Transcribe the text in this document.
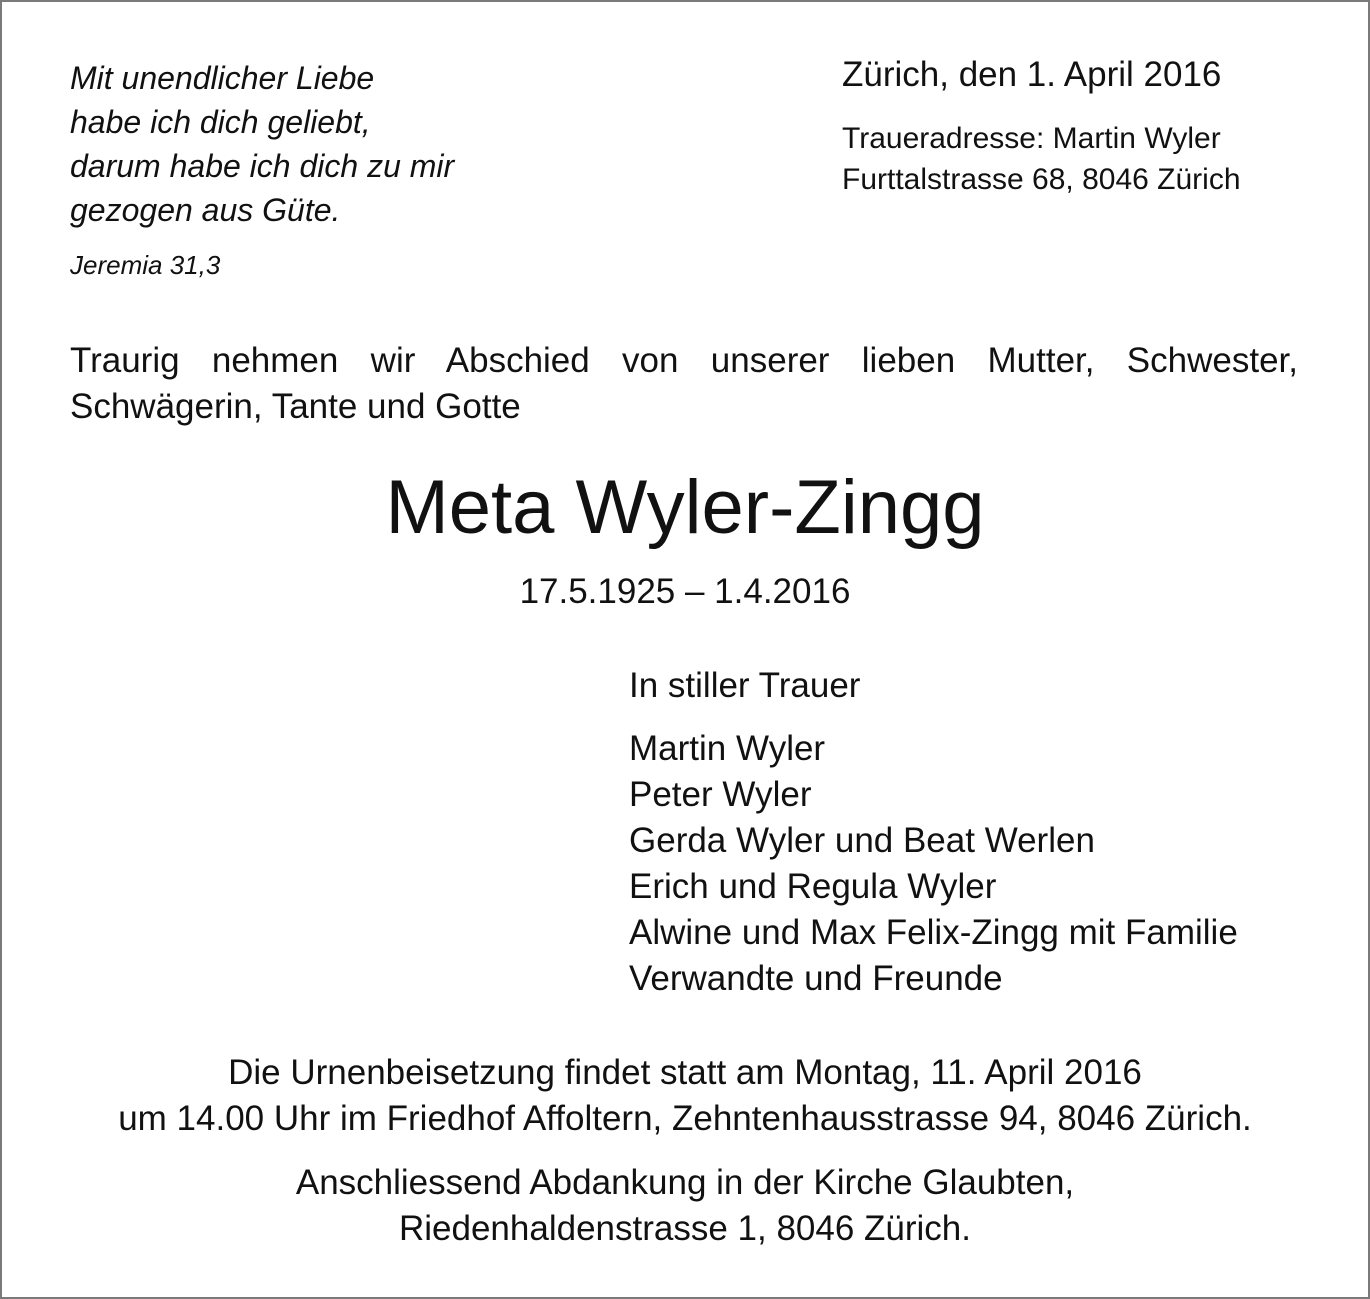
Mit unendlicher Liebe
habe ich dich geliebt,
darum habe ich dich zu mir
gezogen aus Güte.
Jeremia 31,3
Zürich, den 1. April 2016
Traueradresse: Martin Wyler
Furttalstrasse 68, 8046 Zürich
Traurig nehmen wir Abschied von unserer lieben Mutter, Schwester,
Schwägerin, Tante und Gotte
Meta Wyler-Zingg
17.5.1925 – 1.4.2016
In stiller Trauer
Martin Wyler
Peter Wyler
Gerda Wyler und Beat Werlen
Erich und Regula Wyler
Alwine und Max Felix-Zingg mit Familie
Verwandte und Freunde
Die Urnenbeisetzung findet statt am Montag, 11. April 2016
um 14.00 Uhr im Friedhof Affoltern, Zehntenhausstrasse 94, 8046 Zürich.
Anschliessend Abdankung in der Kirche Glaubten,
Riedenhaldenstrasse 1, 8046 Zürich.
